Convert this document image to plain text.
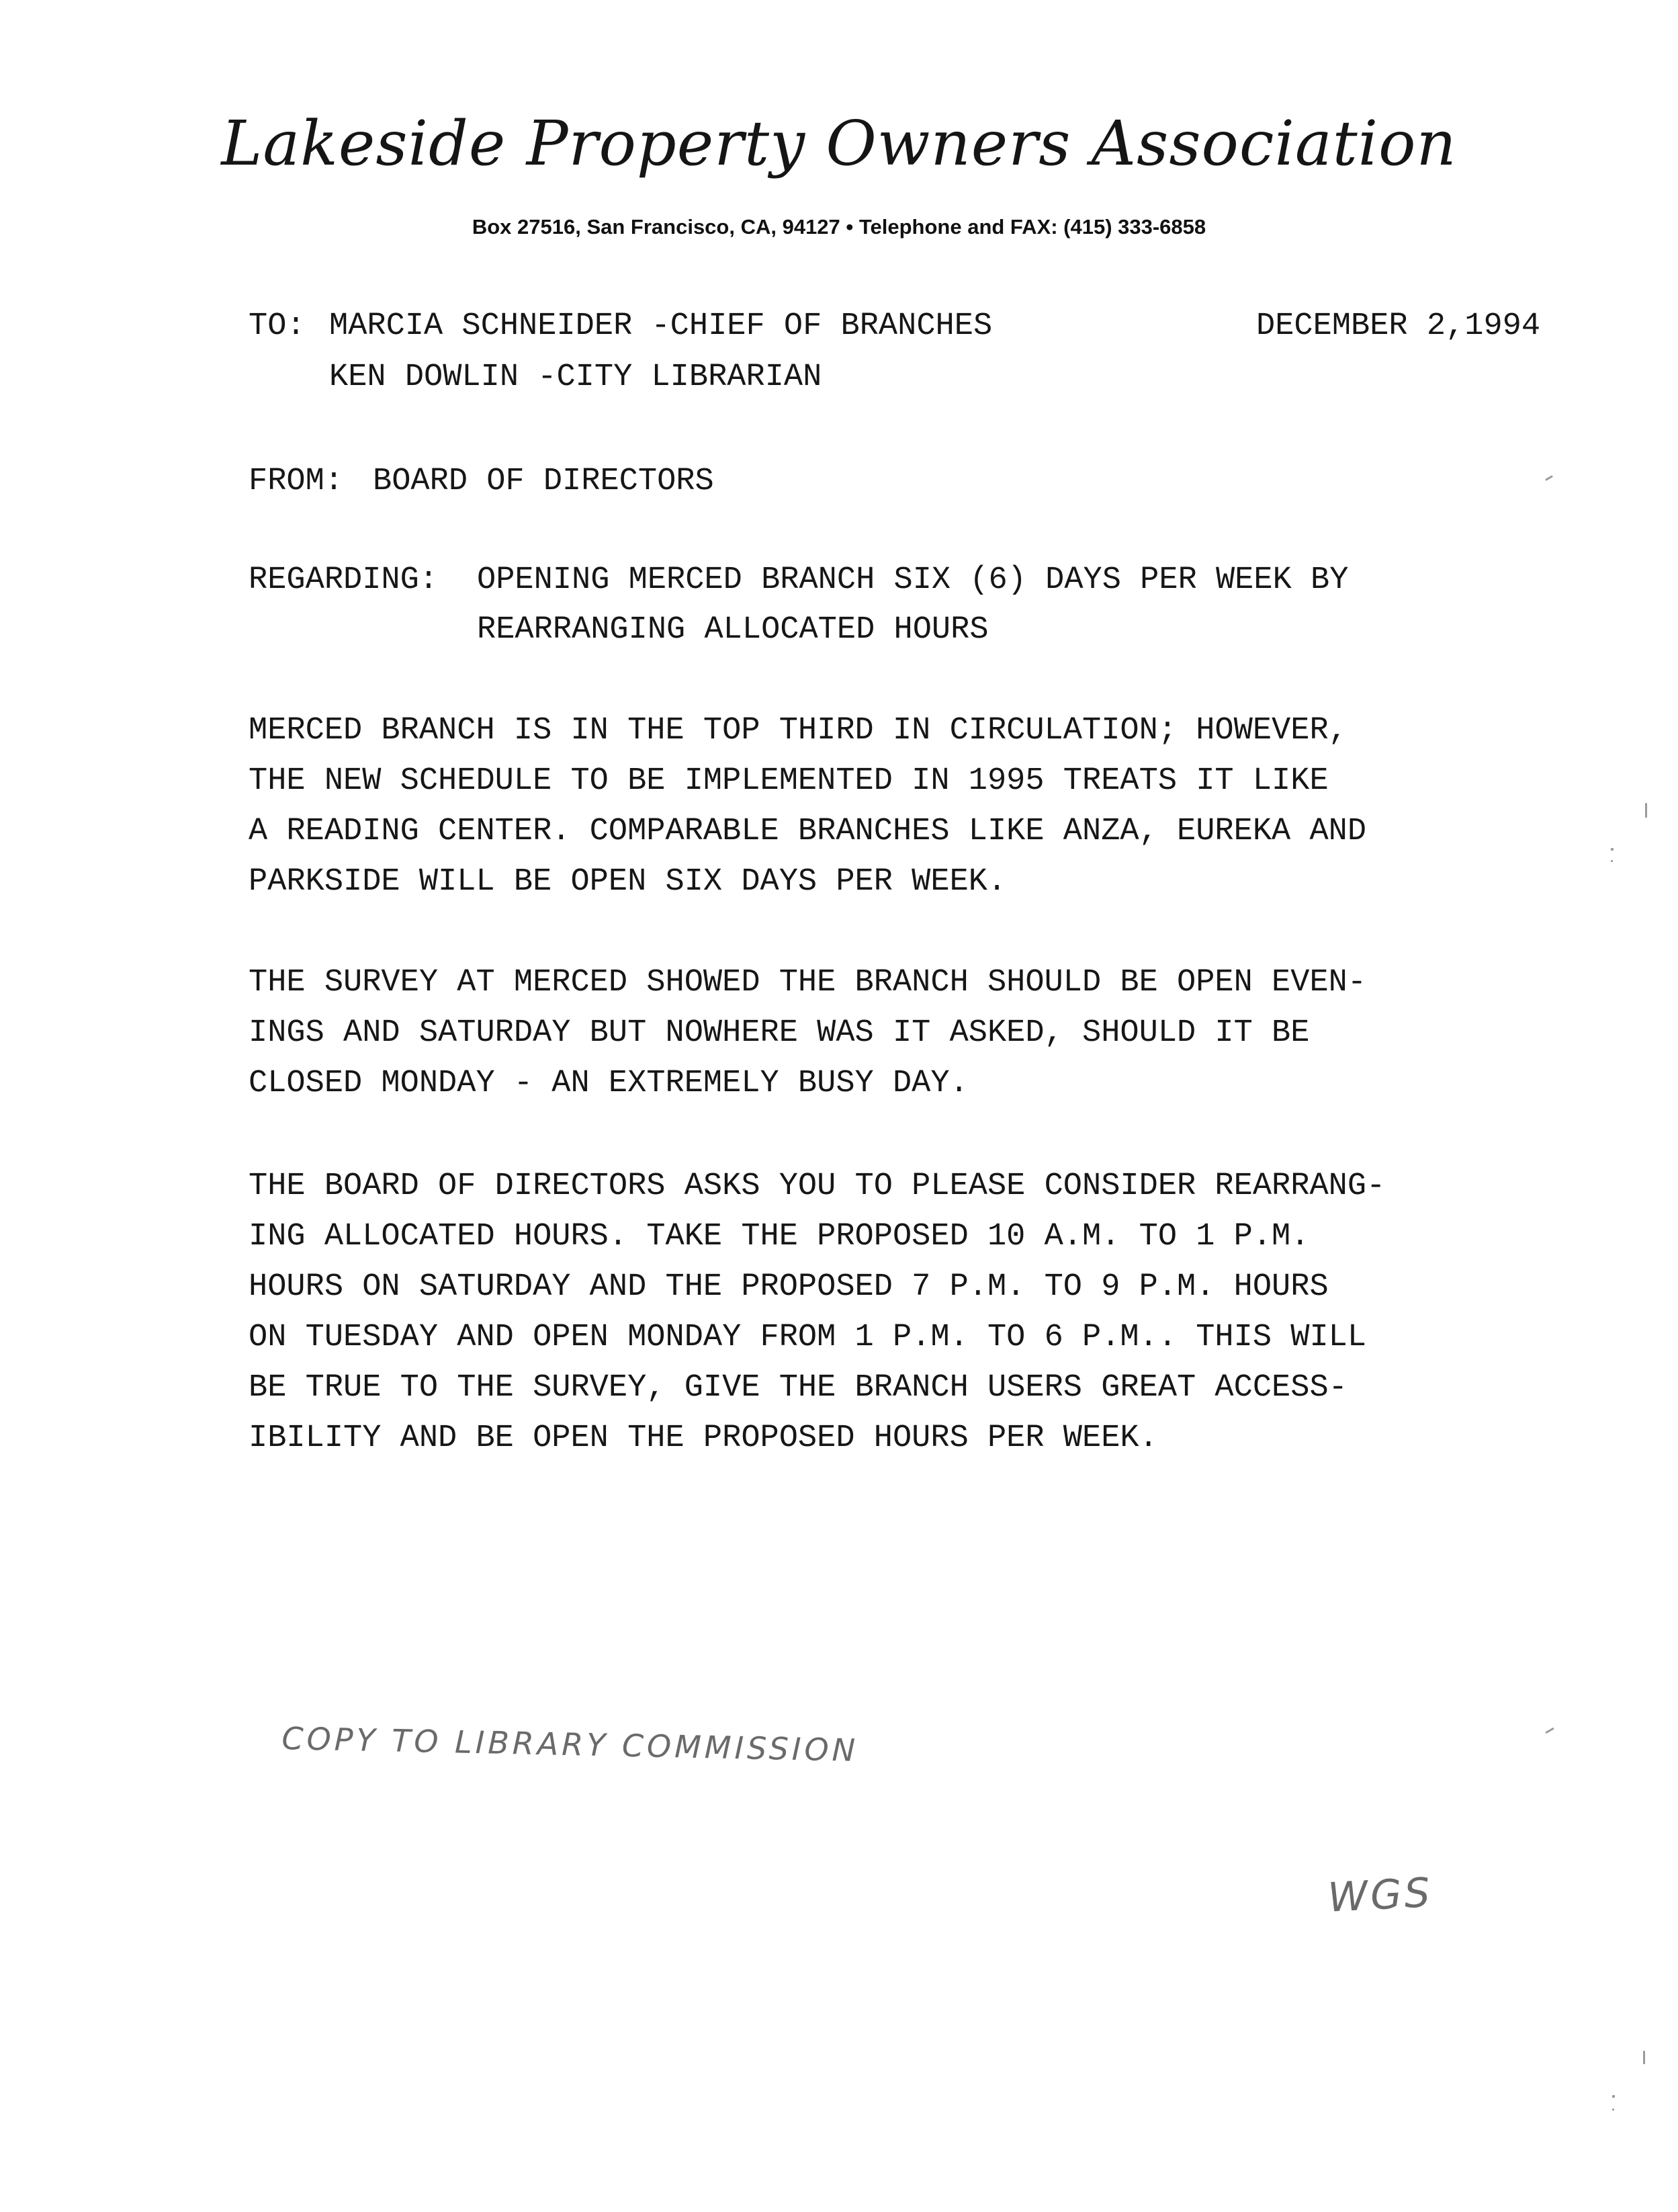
Lakeside Property Owners Association
Box 27516, San Francisco, CA, 94127 • Telephone and FAX: (415) 333-6858
TO: MARCIA SCHNEIDER -CHIEF OF BRANCHES	DECEMBER 2,1994
KEN DOWLIN -CITY LIBRARIAN
FROM: BOARD OF DIRECTORS
REGARDING: OPENING MERCED BRANCH SIX (6) DAYS PER WEEK BY
REARRANGING ALLOCATED HOURS
MERCED BRANCH IS IN THE TOP THIRD IN CIRCULATION; HOWEVER,
THE NEW SCHEDULE TO BE IMPLEMENTED IN 1995 TREATS IT LIKE
A READING CENTER. COMPARABLE BRANCHES LIKE ANZA, EUREKA AND
PARKSIDE WILL BE OPEN SIX DAYS PER WEEK.
THE SURVEY AT MERCED SHOWED THE BRANCH SHOULD BE OPEN EVEN-
INGS AND SATURDAY BUT NOWHERE WAS IT ASKED, SHOULD IT BE
CLOSED MONDAY - AN EXTREMELY BUSY DAY.
THE BOARD OF DIRECTORS ASKS YOU TO PLEASE CONSIDER REARRANG-
ING ALLOCATED HOURS. TAKE THE PROPOSED 10 A.M. TO 1 P.M.
HOURS ON SATURDAY AND THE PROPOSED 7 P.M. TO 9 P.M. HOURS
ON TUESDAY AND OPEN MONDAY FROM 1 P.M. TO 6 P.M.. THIS WILL
BE TRUE TO THE SURVEY, GIVE THE BRANCH USERS GREAT ACCESS-
IBILITY AND BE OPEN THE PROPOSED HOURS PER WEEK.
COPY TO LIBRARY COMMISSION
WGS
